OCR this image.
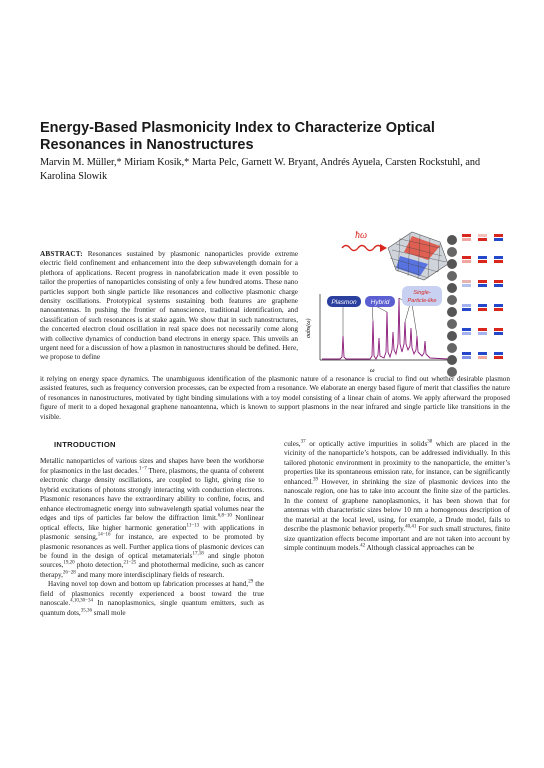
Energy-Based Plasmonicity Index to Characterize Optical Resonances in Nanostructures
Marvin M. Müller,* Miriam Kosik,* Marta Pelc, Garnett W. Bryant, Andrés Ayuela, Carsten Rockstuhl, and Karolina Slowik
ABSTRACT: Resonances sustained by plasmonic nanoparticles provide extreme electric field confinement and enhancement into the deep subwavelength domain for a plethora of applications. Recent progress in nanofabrication made it even possible to tailor the properties of nanoparticles consisting of only a few hundred atoms. These nano particles support both single particle like resonances and collective plasmonic charge density oscillations. Prototypical systems sustaining both features are graphene nanoantennas. In pushing the frontier of nanoscience, traditional identification, and classification of such resonances is at stake again. We show that in such nanostructures, the concerted electron cloud oscillation in real space does not necessarily come along with collective dynamics of conduction band electrons in energy space. This unveils an urgent need for a discussion of how a plasmon in nanostructures should be defined. Here, we propose to define
ħω
σabs(ω)
ω
Plasmon Hybrid
Single-
Particle-like
it relying on energy space dynamics. The unambiguous identification of the plasmonic nature of a resonance is crucial to find out whether desirable plasmon assisted features, such as frequency conversion processes, can be expected from a resonance. We elaborate an energy based figure of merit that classifies the nature of resonances in nanostructures, motivated by tight binding simulations with a toy model consisting of a linear chain of atoms. We apply afterward the proposed figure of merit to a doped hexagonal graphene nanoantenna, which is known to support plasmons in the near infrared and single particle like transitions in the visible.
INTRODUCTION

Metallic nanoparticles of various sizes and shapes have been the workhorse for plasmonics in the last decades.$^{1-7}$ There, plasmons, the quanta of coherent electronic charge density oscillations, are coupled to light, giving rise to hybrid excitations of photons strongly interacting with conduction electrons. Plasmonic resonances have the extraordinary ability to confine, focus, and enhance electromagnetic energy into subwavelength spatial volumes near the edges and tips of particles far below the diffraction limit.$^{6,8-10}$ Nonlinear optical effects, like higher harmonic generation$^{11-13}$ with applications in plasmonic sensing,$^{14-16}$ for instance, are expected to be promoted by plasmonic resonances as well. Further applica tions of plasmonic devices can be found in the design of optical metamaterials$^{17,18}$ and single photon sources,$^{19,20}$ photo detection,$^{21-25}$ and photothermal medicine, such as cancer therapy,$^{26-28}$ and many more interdisciplinary fields of research.

Having novel top down and bottom up fabrication processes at hand,$^{29}$ the field of plasmonics recently experienced a boost toward the true nanoscale.$^{4,10,30-34}$ In nanoplasmonics, single quantum emitters, such as quantum dots,$^{35,36}$ small mole

cules,$^{37}$ or optically active impurities in solids$^{38}$ which are placed in the vicinity of the nanoparticle’s hotspots, can be addressed individually. In this tailored photonic environment in proximity to the nanoparticle, the emitter’s properties like its spontaneous emission rate, for instance, can be significantly enhanced.$^{39}$ However, in shrinking the size of plasmonic devices into the nanoscale region, one has to take into account the finite size of the particles. In the context of graphene nanoplasmonics, it has been shown that for antennas with characteristic sizes below 10 nm a homogenous description of the material at the local level, using, for example, a Drude model, fails to describe the plasmonic behavior properly.$^{40,41}$ For such small structures, finite size quantization effects become important and are not taken into account by simple continuum models.$^{42}$ Although classical approaches can be
